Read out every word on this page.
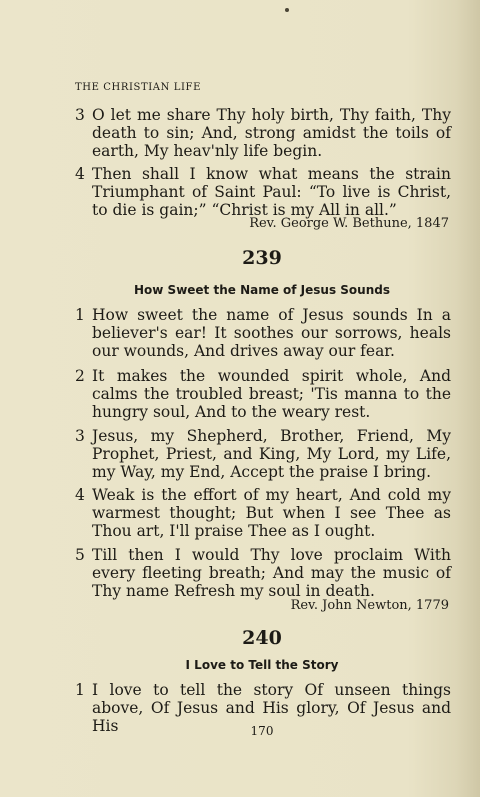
THE CHRISTIAN LIFE
3 O let me share Thy holy birth, Thy faith, Thy death to sin; And, strong amidst the toils of earth, My heav'nly life begin.
4 Then shall I know what means the strain Triumphant of Saint Paul: “To live is Christ, to die is gain;” “Christ is my All in all.”
Rev. George W. Bethune, 1847
239
How Sweet the Name of Jesus Sounds
1 How sweet the name of Jesus sounds In a believer's ear! It soothes our sorrows, heals our wounds, And drives away our fear.
2 It makes the wounded spirit whole, And calms the troubled breast; 'Tis manna to the hungry soul, And to the weary rest.
3 Jesus, my Shepherd, Brother, Friend, My Prophet, Priest, and King, My Lord, my Life, my Way, my End, Accept the praise I bring.
4 Weak is the effort of my heart, And cold my warmest thought; But when I see Thee as Thou art, I'll praise Thee as I ought.
5 Till then I would Thy love proclaim With every fleeting breath; And may the music of Thy name Refresh my soul in death.
Rev. John Newton, 1779
240
I Love to Tell the Story
1 I love to tell the story Of unseen things above, Of Jesus and His glory, Of Jesus and His	170
